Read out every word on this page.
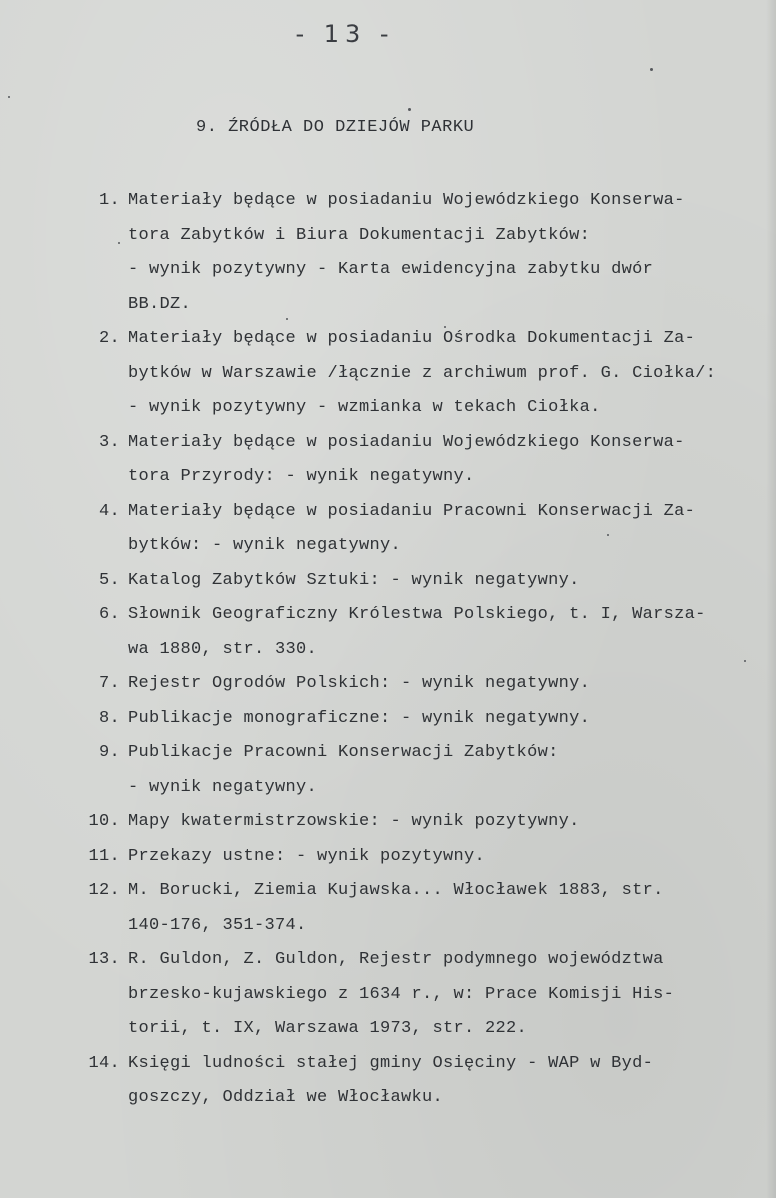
- 13 -
9. ŹRÓDŁA DO DZIEJÓW PARKU
1. Materiały będące w posiadaniu Wojewódzkiego Konserwa-
tora Zabytków i Biura Dokumentacji Zabytków:
- wynik pozytywny - Karta ewidencyjna zabytku dwór
BB.DZ.
2. Materiały będące w posiadaniu Ośrodka Dokumentacji Za-
bytków w Warszawie /łącznie z archiwum prof. G. Ciołka/:
- wynik pozytywny - wzmianka w tekach Ciołka.
3. Materiały będące w posiadaniu Wojewódzkiego Konserwa-
tora Przyrody: - wynik negatywny.
4. Materiały będące w posiadaniu Pracowni Konserwacji Za-
bytków: - wynik negatywny.
5. Katalog Zabytków Sztuki: - wynik negatywny.
6. Słownik Geograficzny Królestwa Polskiego, t. I, Warsza-
wa 1880, str. 330.
7. Rejestr Ogrodów Polskich: - wynik negatywny.
8. Publikacje monograficzne: - wynik negatywny.
9. Publikacje Pracowni Konserwacji Zabytków:
- wynik negatywny.
10. Mapy kwatermistrzowskie: - wynik pozytywny.
11. Przekazy ustne: - wynik pozytywny.
12. M. Borucki, Ziemia Kujawska... Włocławek 1883, str.
140-176, 351-374.
13. R. Guldon, Z. Guldon, Rejestr podymnego województwa
brzesko-kujawskiego z 1634 r., w: Prace Komisji His-
torii, t. IX, Warszawa 1973, str. 222.
14. Księgi ludności stałej gminy Osięciny - WAP w Byd-
goszczy, Oddział we Włocławku.
